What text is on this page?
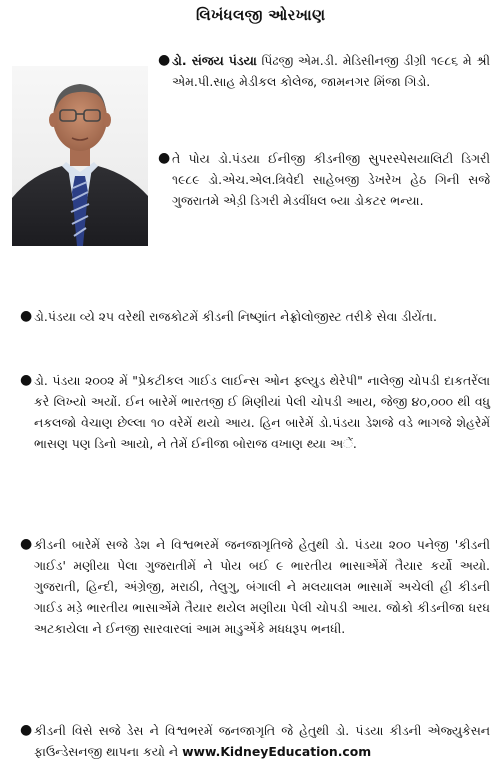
લિખંધલજી ઓરખાણ
● ડો. સંજય પંડયા પિંઢજી એમ.ડી. મેડિસીનજી ડીગ્રી ૧૯૮૬ મે શ્રી એમ.પી.સાહ મેડીકલ કોલેજ, જામનગર મિંજા ગિડો.
● તે પોય ડો.પંડયા ઈનીજી કીડનીજી સુપરસ્પેસયાલિટી ડિગરી ૧૯૮૯ ડો.એચ.એલ.ત્રિવેદી સાહેબજી ડેખરેખ હેઠ ગિની સજે ગુજરાતમે એડ઼ી ડિગરી મેડવીંધલ બ્યા ડોકટર ભન્યા.
● ડો.પંડયા વ્યે ૨૫ વરેથી રાજકોટમેં કીડની નિષ્ણાંત નેફ્રોલોજીસ્ટ તરીકે સેવા ડીયેંતા.
● ડો. પંડયા ૨૦૦૨ મેં "પ્રેકટીકલ ગાઈડ લાઈન્સ ઓન ફ્લ્યુડ થેરેપી" નાલેજી ચોપડી દાકતરેંલા કરે લિખ્યો અયોં. ઈન બારેમેં ભારતજી ઈ મિણીયાં પેલી ચોપડી આય, જેજી ૪૦,૦૦૦ થી વધુ નકલજો વેચાણ છેલ્લા ૧૦ વરેમેં થયો આય. હિન બારેમેં ડો.પંડયા ડેશજે વડે ભાગજે શેહરેમેં ભાસણ પણ ડિનો આયો, ને તેમેં ઈનીજા બોરાજ વખાણ થ્યા અેં.
● કીડની બારેમેં સજે ડેશ ને વિશ્વભરમેં જનજાગૃતિજે હેતુથી ડો. પંડયા ૨૦૦ પનેજી 'કીડની ગાઈડ' મણીયા પેલા ગુજરાતીમેં ને પોય બઈ ૯ ભારતીય ભાસાએંમેં તૈયાર કર્યો અયો. ગુજરાતી, હિન્દી, અંગ્રેજી, મરાઠી, તેલુગુ, બંગાલી ને મલયાલમ ભાસામેં અચેલી હી કીડની ગાઈડ મડ઼ે ભારતીય ભાસાએંમે તૈયાર થયેલ મણીયા પેલી ચોપડી આય. જોકો કીડનીજા ધરધ અટકાયેલા ને ઈનજી સારવારલાં આમ માડુએંકે મધધરૂપ ભનધી.
● કીડની વિસે સજે ડેસ ને વિશ્વભરમેં જનજાગૃતિ જે હેતુથી ડો. પંડયા કીડની એજ્યુકેસન ફાઉન્ડેસનજી થાપના કયો ને www.KidneyEducation.com
